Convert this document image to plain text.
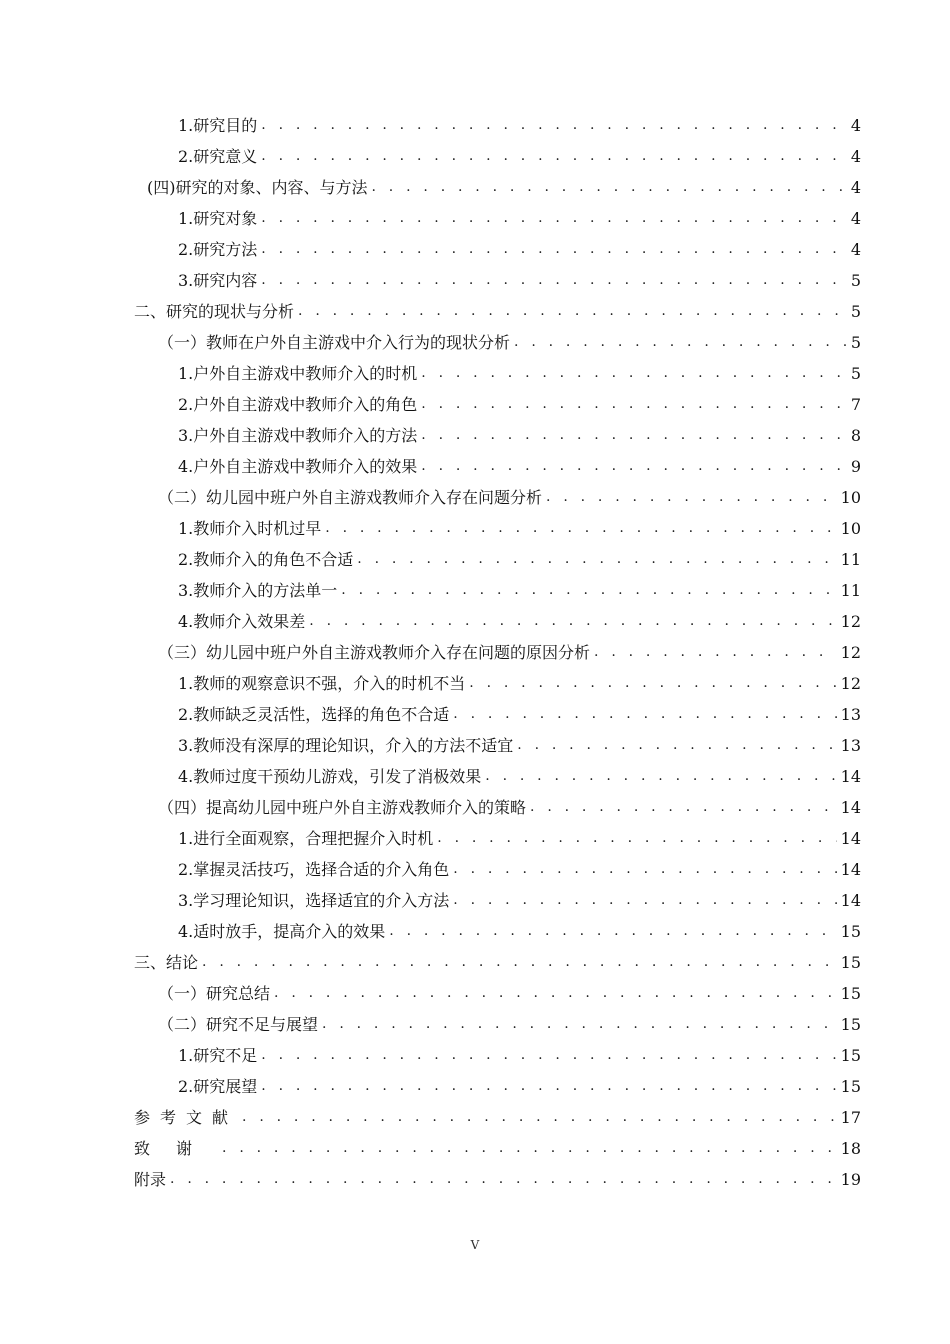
1.研究目的 . . .	4
2.研究意义 . . .	4
(四)研究的对象、内容、与方法 . . .	4
1.研究对象 . . .	4
2.研究方法 . . .	4
3.研究内容 . . .	5
二、研究的现状与分析 . . .	5
（一）教师在户外自主游戏中介入行为的现状分析 . . .	5
1.户外自主游戏中教师介入的时机 . . .	5
2.户外自主游戏中教师介入的角色 . . .	7
3.户外自主游戏中教师介入的方法 . . .	8
4.户外自主游戏中教师介入的效果 . . .	9
（二）幼儿园中班户外自主游戏教师介入存在问题分析 . . .	10
1.教师介入时机过早 . . .	10
2.教师介入的角色不合适 . . .	11
3.教师介入的方法单一 . . .	11
4.教师介入效果差 . . .	12
（三）幼儿园中班户外自主游戏教师介入存在问题的原因分析 . . .	12
1.教师的观察意识不强，介入的时机不当 . . .	12
2.教师缺乏灵活性，选择的角色不合适 . . .	13
3.教师没有深厚的理论知识，介入的方法不适宜 . . .	13
4.教师过度干预幼儿游戏，引发了消极效果 . . .	14
（四）提高幼儿园中班户外自主游戏教师介入的策略 . . .	14
1.进行全面观察，合理把握介入时机 . . .	14
2.掌握灵活技巧，选择合适的介入角色 . . .	14
3.学习理论知识，选择适宜的介入方法 . . .	14
4.适时放手，提高介入的效果 . . .	15
三、结论 . . .	15
（一）研究总结 . . .	15
（二）研究不足与展望 . . .	15
1.研究不足 . . .	15
2.研究展望 . . .	15
参考文献 . . .	17
致谢 . . .	18
附录 . . .	19
V
